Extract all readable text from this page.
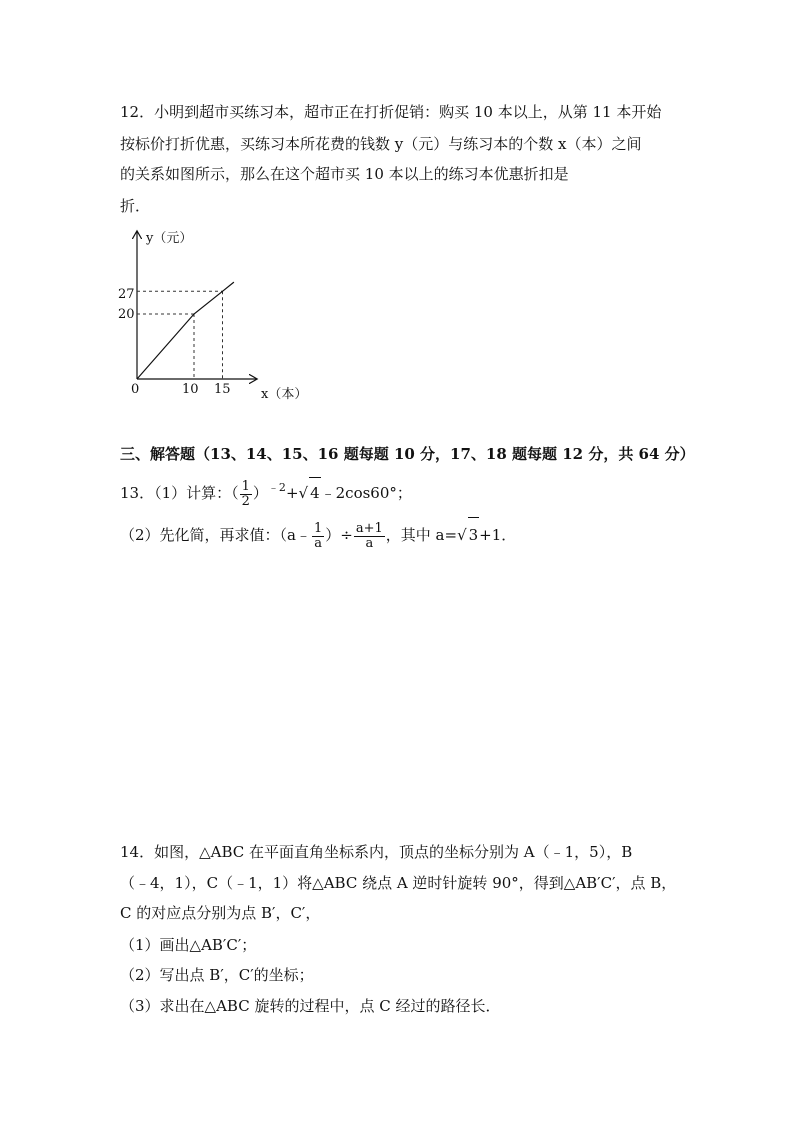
12．小明到超市买练习本，超市正在打折促销：购买 10 本以上，从第 11 本开始
按标价打折优惠，买练习本所花费的钱数 y（元）与练习本的个数 x（本）之间
的关系如图所示，那么在这个超市买 10 本以上的练习本优惠折扣是
折．
y（元）
x（本）
0	10 15
27
20
三、解答题（13、14、15、16 题每题 10 分，17、18 题每题 12 分，共 64 分）
13．（1）计算：（ $\frac{1}{2} )^{﹣2}+√$ 4﹣2cos60°；
（2）先化简，再求值：（a﹣ $\frac{1}{a}$ ）÷ $\frac{a+1}{a}$ ，其中 a=√ 3+1．
14．如图，△ABC 在平面直角坐标系内，顶点的坐标分别为 A（﹣1，5），B
（﹣4，1），C（﹣1，1）将△ABC 绕点 A 逆时针旋转 90°，得到△AB′C′，点 B，
C 的对应点分别为点 B′，C′，
（1）画出△AB′C′；
（2）写出点 B′，C′的坐标；
（3）求出在△ABC 旋转的过程中，点 C 经过的路径长．
